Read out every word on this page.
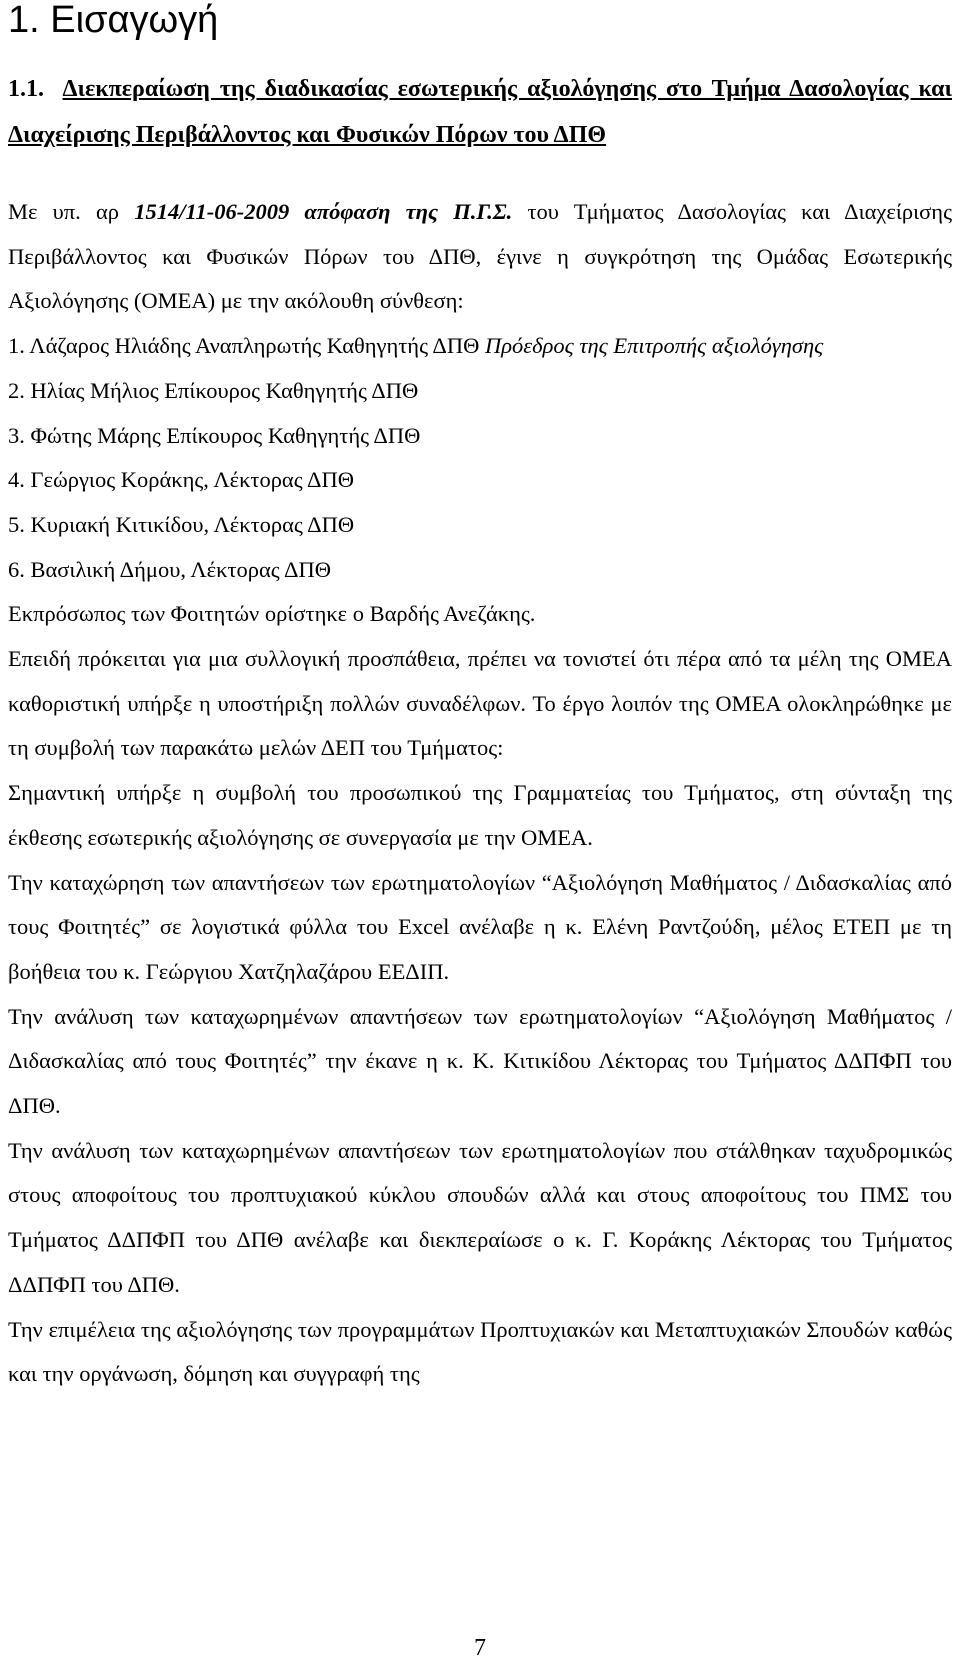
1. Εισαγωγή
1.1. Διεκπεραίωση της διαδικασίας εσωτερικής αξιολόγησης στο Τμήμα Δασολογίας και Διαχείρισης Περιβάλλοντος και Φυσικών Πόρων του ΔΠΘ

Με υπ. αρ 1514/11-06-2009 απόφαση της Π.Γ.Σ. του Τμήματος Δασολογίας και Διαχείρισης Περιβάλλοντος και Φυσικών Πόρων του ΔΠΘ, έγινε η συγκρότηση της Ομάδας Εσωτερικής Αξιολόγησης (ΟΜΕΑ) με την ακόλουθη σύνθεση:

1. Λάζαρος Ηλιάδης Αναπληρωτής Καθηγητής ΔΠΘ Πρόεδρος της Επιτροπής αξιολόγησης

2. Ηλίας Μήλιος Επίκουρος Καθηγητής ΔΠΘ

3. Φώτης Μάρης Επίκουρος Καθηγητής ΔΠΘ

4. Γεώργιος Κοράκης, Λέκτορας ΔΠΘ

5. Κυριακή Κιτικίδου, Λέκτορας ΔΠΘ

6. Βασιλική Δήμου, Λέκτορας ΔΠΘ

Εκπρόσωπος των Φοιτητών ορίστηκε ο Βαρδής Ανεζάκης.

Επειδή πρόκειται για μια συλλογική προσπάθεια, πρέπει να τονιστεί ότι πέρα από τα μέλη της ΟΜΕΑ καθοριστική υπήρξε η υποστήριξη πολλών συναδέλφων. Το έργο λοιπόν της ΟΜΕΑ ολοκληρώθηκε με τη συμβολή των παρακάτω μελών ΔΕΠ του Τμήματος:

Σημαντική υπήρξε η συμβολή του προσωπικού της Γραμματείας του Τμήματος, στη σύνταξη της έκθεσης εσωτερικής αξιολόγησης σε συνεργασία με την ΟΜΕΑ.

Την καταχώρηση των απαντήσεων των ερωτηματολογίων “Αξιολόγηση Μαθήματος / Διδασκαλίας από τους Φοιτητές” σε λογιστικά φύλλα του Excel ανέλαβε η κ. Ελένη Ραντζούδη, μέλος ΕΤΕΠ με τη βοήθεια του κ. Γεώργιου Χατζηλαζάρου ΕΕΔΙΠ.

Την ανάλυση των καταχωρημένων απαντήσεων των ερωτηματολογίων “Αξιολόγηση Μαθήματος / Διδασκαλίας από τους Φοιτητές” την έκανε η κ. Κ. Κιτικίδου Λέκτορας του Τμήματος ΔΔΠΦΠ του ΔΠΘ.

Την ανάλυση των καταχωρημένων απαντήσεων των ερωτηματολογίων που στάλθηκαν ταχυδρομικώς στους αποφοίτους του προπτυχιακού κύκλου σπουδών αλλά και στους αποφοίτους του ΠΜΣ του Τμήματος ΔΔΠΦΠ του ΔΠΘ ανέλαβε και διεκπεραίωσε ο κ. Γ. Κοράκης Λέκτορας του Τμήματος ΔΔΠΦΠ του ΔΠΘ.

Την επιμέλεια της αξιολόγησης των προγραμμάτων Προπτυχιακών και Μεταπτυχιακών Σπουδών καθώς και την οργάνωση, δόμηση και συγγραφή της

7
